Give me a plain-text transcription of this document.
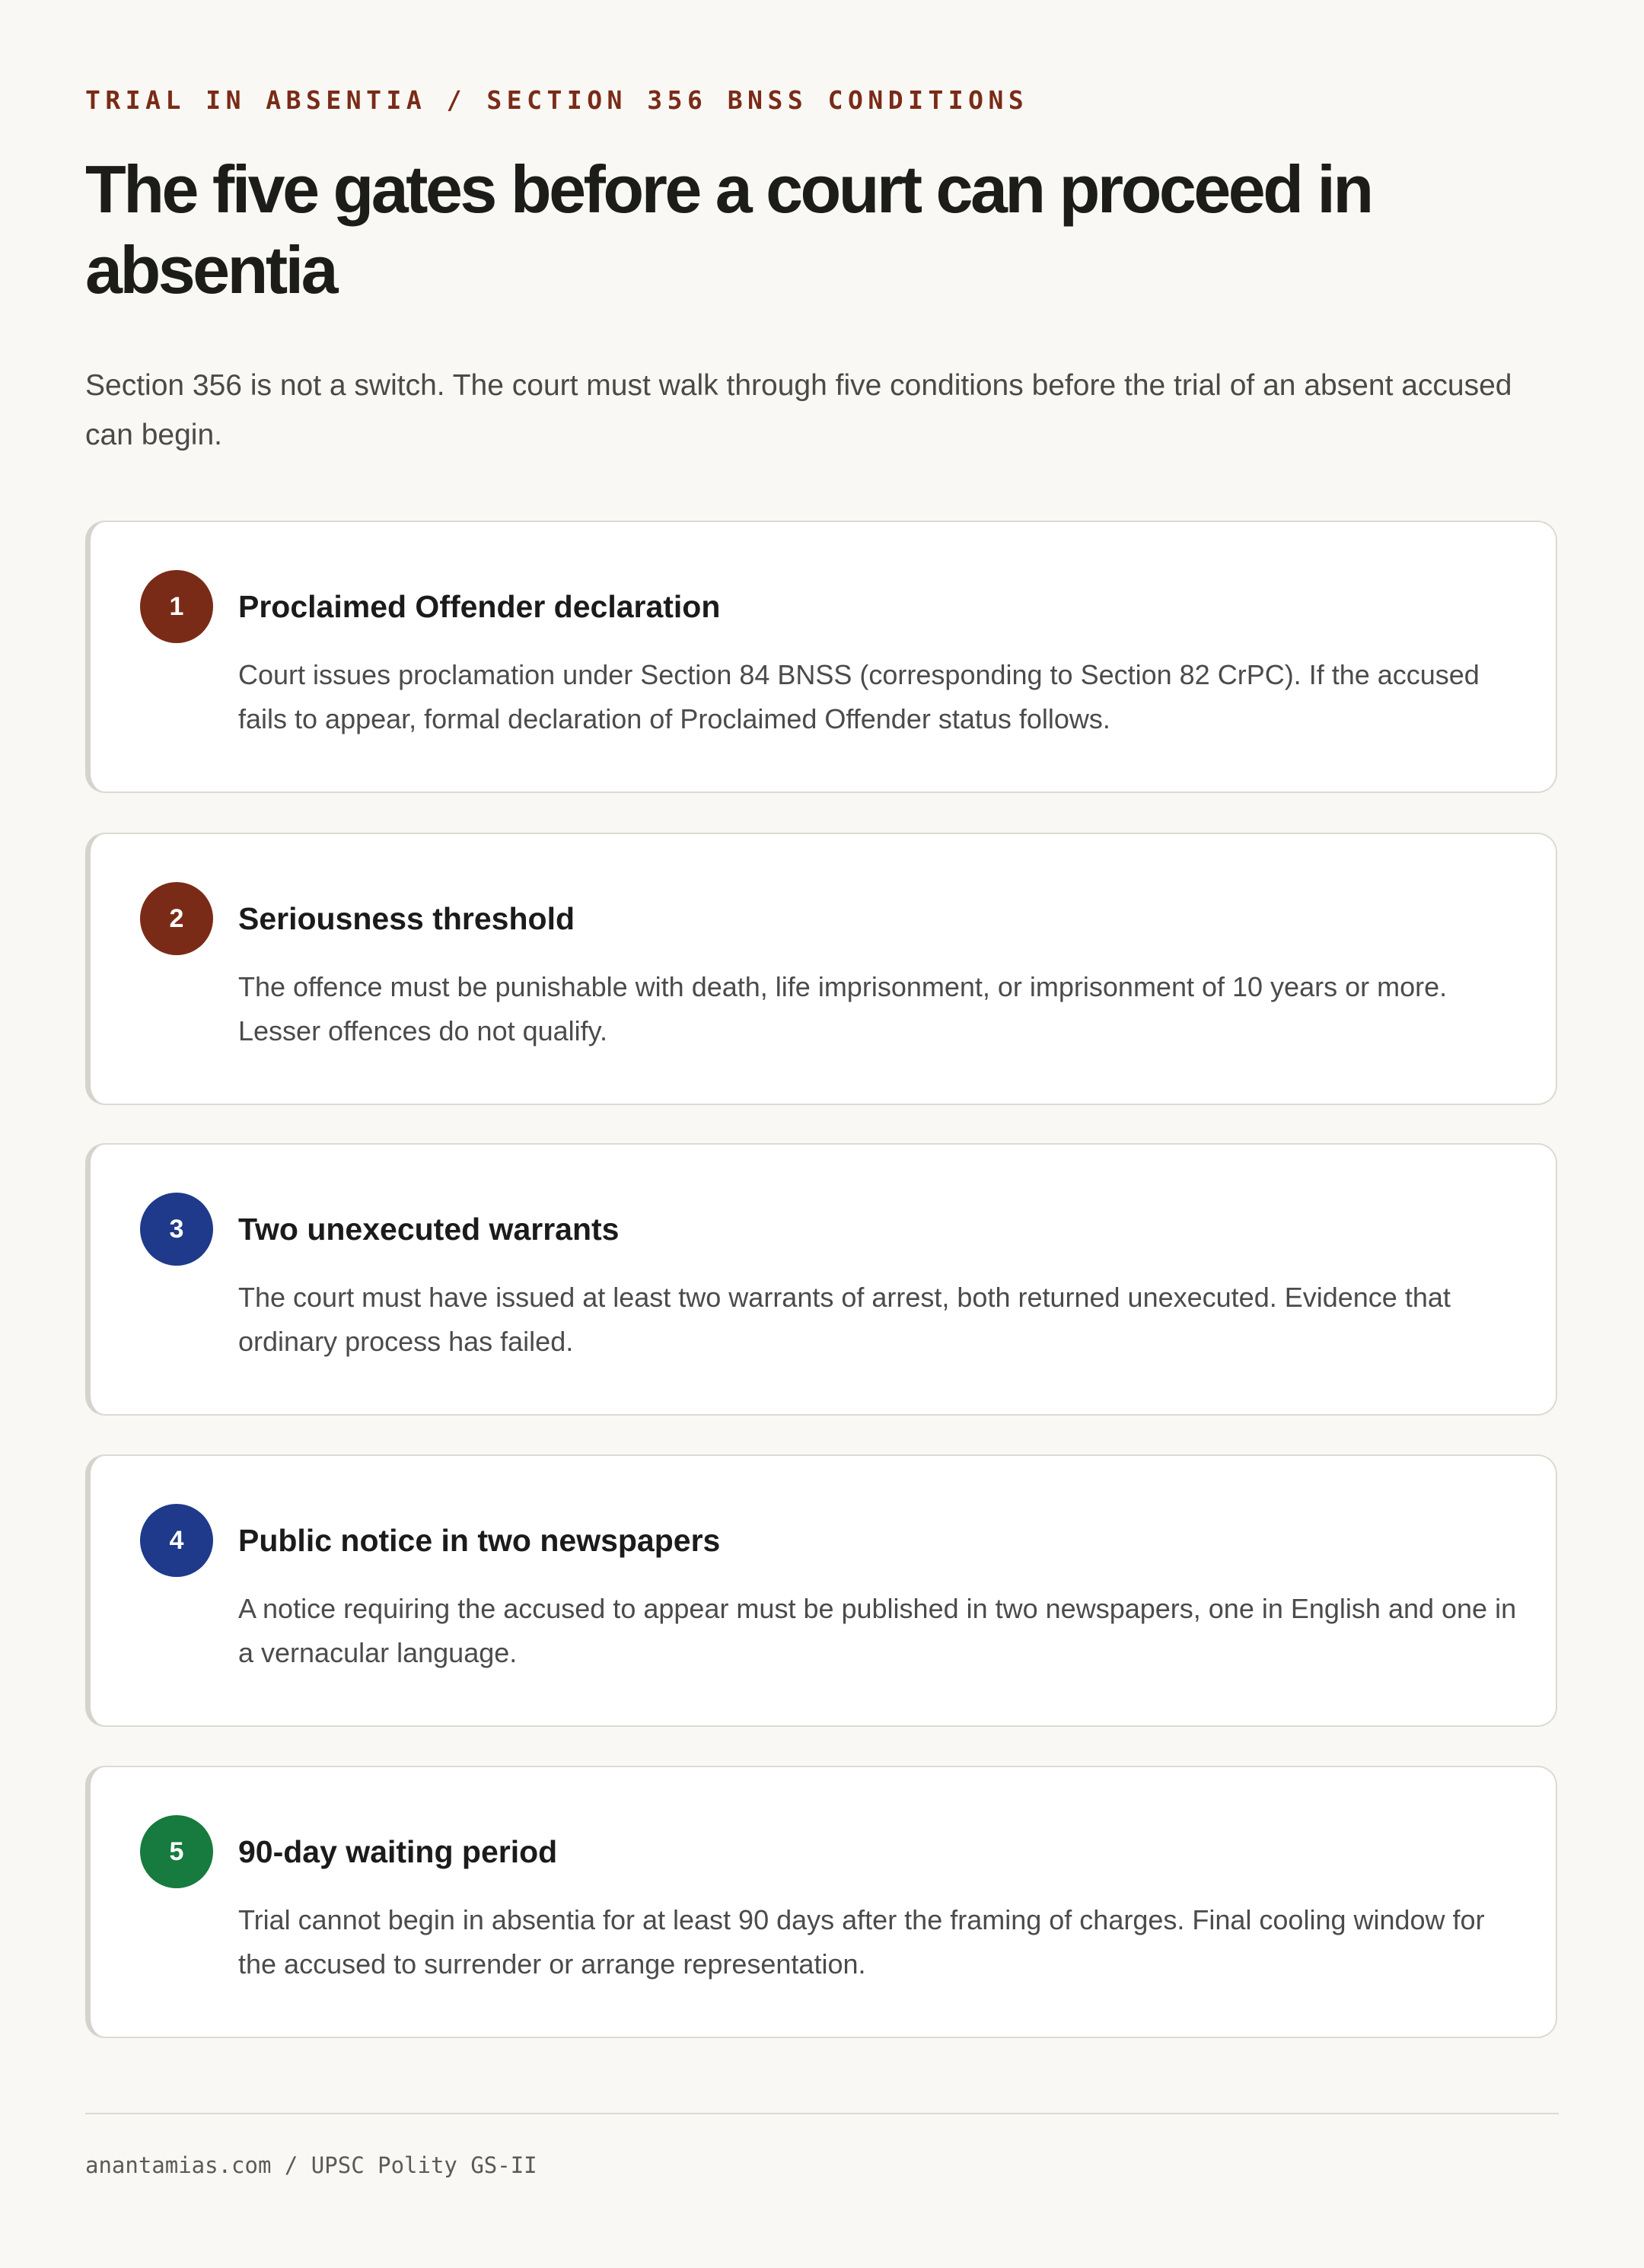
TRIAL IN ABSENTIA / SECTION 356 BNSS CONDITIONS
The five gates before a court can proceed in absentia

Section 356 is not a switch. The court must walk through five conditions before the trial of an absent accused can begin.

1	Proclaimed Offender declaration

Court issues proclamation under Section 84 BNSS (corresponding to Section 82 CrPC). If the accused fails to appear, formal declaration of Proclaimed Offender status follows.

2	Seriousness threshold

The offence must be punishable with death, life imprisonment, or imprisonment of 10 years or more. Lesser offences do not qualify.

3	Two unexecuted warrants

The court must have issued at least two warrants of arrest, both returned unexecuted. Evidence that ordinary process has failed.

4	Public notice in two newspapers

A notice requiring the accused to appear must be published in two newspapers, one in English and one in a vernacular language.

5	90-day waiting period

Trial cannot begin in absentia for at least 90 days after the framing of charges. Final cooling window for the accused to surrender or arrange representation.

anantamias.com / UPSC Polity GS-II
